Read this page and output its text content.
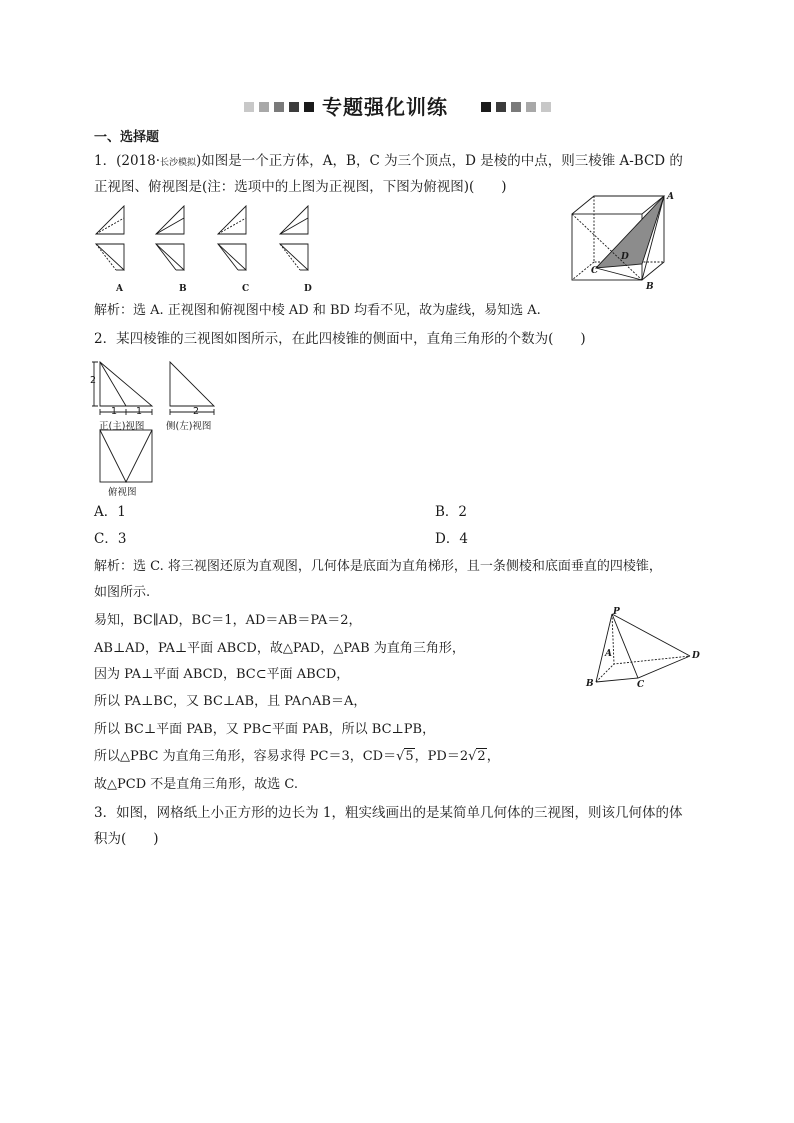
专题强化训练
一、选择题
1．(2018·长沙模拟)如图是一个正方体，A，B，C 为三个顶点，D 是棱的中点，则三棱锥 A-BCD 的
正视图、俯视图是(注：选项中的上图为正视图，下图为俯视图)(　　)
A	B	C	D
A
B
C
D
解析：选 A. 正视图和俯视图中棱 AD 和 BD 均看不见，故为虚线，易知选 A.
2．某四棱锥的三视图如图所示，在此四棱锥的侧面中，直角三角形的个数为(　　)
2
1 1	2
正(主)视图 侧(左)视图
俯视图
A．1	B．2
C．3	D．4
解析：选 C. 将三视图还原为直观图，几何体是底面为直角梯形，且一条侧棱和底面垂直的四棱锥，
如图所示.
易知，BC∥AD，BC＝1，AD＝AB＝PA＝2，
AB⊥AD，PA⊥平面 ABCD，故△PAD，△PAB 为直角三角形，
因为 PA⊥平面 ABCD，BC⊂平面 ABCD，
所以 PA⊥BC，又 BC⊥AB，且 PA∩AB＝A，
所以 BC⊥平面 PAB，又 PB⊂平面 PAB，所以 BC⊥PB，
所以△PBC 为直角三角形，容易求得 PC＝3，CD＝√5，PD＝2√2，
故△PCD 不是直角三角形，故选 C.
P
A
B	C
D
3．如图，网格纸上小正方形的边长为 1，粗实线画出的是某简单几何体的三视图，则该几何体的体
积为(　　)
